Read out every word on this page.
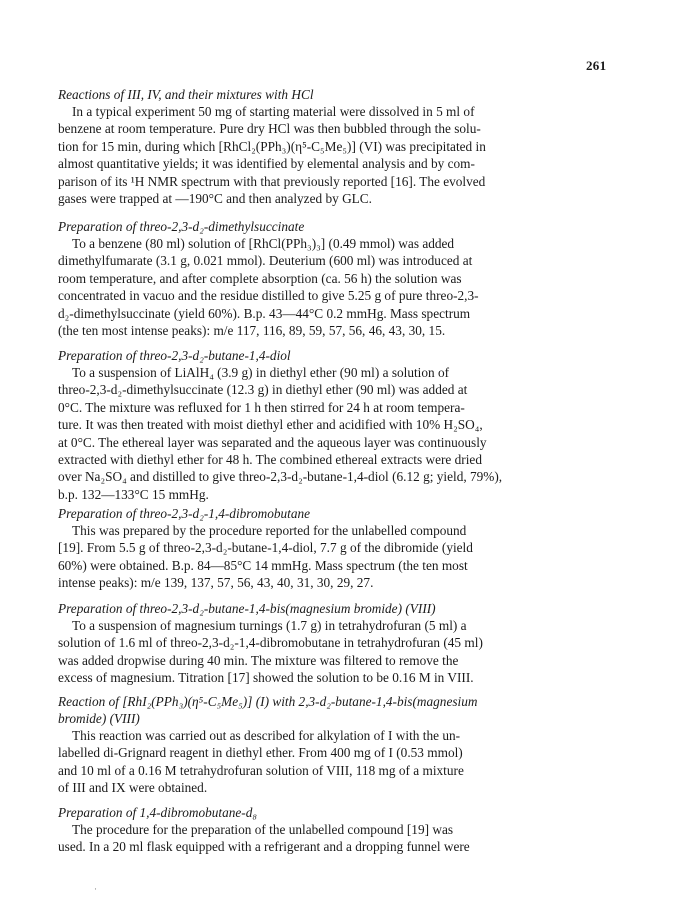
261
Reactions of III, IV, and their mixtures with HCl
In a typical experiment 50 mg of starting material were dissolved in 5 ml of
benzene at room temperature. Pure dry HCl was then bubbled through the solu-
tion for 15 min, during which [RhCl₂(PPh₃)(η⁵-C₅Me₅)] (VI) was precipitated in
almost quantitative yields; it was identified by elemental analysis and by com-
parison of its ¹H NMR spectrum with that previously reported [16]. The evolved
gases were trapped at —190°C and then analyzed by GLC.
Preparation of threo-2,3-d₂-dimethylsuccinate
To a benzene (80 ml) solution of [RhCl(PPh₃)₃] (0.49 mmol) was added
dimethylfumarate (3.1 g, 0.021 mmol). Deuterium (600 ml) was introduced at
room temperature, and after complete absorption (ca. 56 h) the solution was
concentrated in vacuo and the residue distilled to give 5.25 g of pure threo-2,3-
d₂-dimethylsuccinate (yield 60%). B.p. 43—44°C 0.2 mmHg. Mass spectrum
(the ten most intense peaks): m/e 117, 116, 89, 59, 57, 56, 46, 43, 30, 15.
Preparation of threo-2,3-d₂-butane-1,4-diol
To a suspension of LiAlH₄ (3.9 g) in diethyl ether (90 ml) a solution of
threo-2,3-d₂-dimethylsuccinate (12.3 g) in diethyl ether (90 ml) was added at
0°C. The mixture was refluxed for 1 h then stirred for 24 h at room tempera-
ture. It was then treated with moist diethyl ether and acidified with 10% H₂SO₄,
at 0°C. The ethereal layer was separated and the aqueous layer was continuously
extracted with diethyl ether for 48 h. The combined ethereal extracts were dried
over Na₂SO₄ and distilled to give threo-2,3-d₂-butane-1,4-diol (6.12 g; yield, 79%),
b.p. 132—133°C 15 mmHg.
Preparation of threo-2,3-d₂-1,4-dibromobutane
This was prepared by the procedure reported for the unlabelled compound
[19]. From 5.5 g of threo-2,3-d₂-butane-1,4-diol, 7.7 g of the dibromide (yield
60%) were obtained. B.p. 84—85°C 14 mmHg. Mass spectrum (the ten most
intense peaks): m/e 139, 137, 57, 56, 43, 40, 31, 30, 29, 27.
Preparation of threo-2,3-d₂-butane-1,4-bis(magnesium bromide) (VIII)
To a suspension of magnesium turnings (1.7 g) in tetrahydrofuran (5 ml) a
solution of 1.6 ml of threo-2,3-d₂-1,4-dibromobutane in tetrahydrofuran (45 ml)
was added dropwise during 40 min. The mixture was filtered to remove the
excess of magnesium. Titration [17] showed the solution to be 0.16 M in VIII.
Reaction of [RhI₂(PPh₃)(η⁵-C₅Me₅)] (I) with 2,3-d₂-butane-1,4-bis(magnesium
bromide) (VIII)
This reaction was carried out as described for alkylation of I with the un-
labelled di-Grignard reagent in diethyl ether. From 400 mg of I (0.53 mmol)
and 10 ml of a 0.16 M tetrahydrofuran solution of VIII, 118 mg of a mixture
of III and IX were obtained.
Preparation of 1,4-dibromobutane-d₈
The procedure for the preparation of the unlabelled compound [19] was
used. In a 20 ml flask equipped with a refrigerant and a dropping funnel were
·
